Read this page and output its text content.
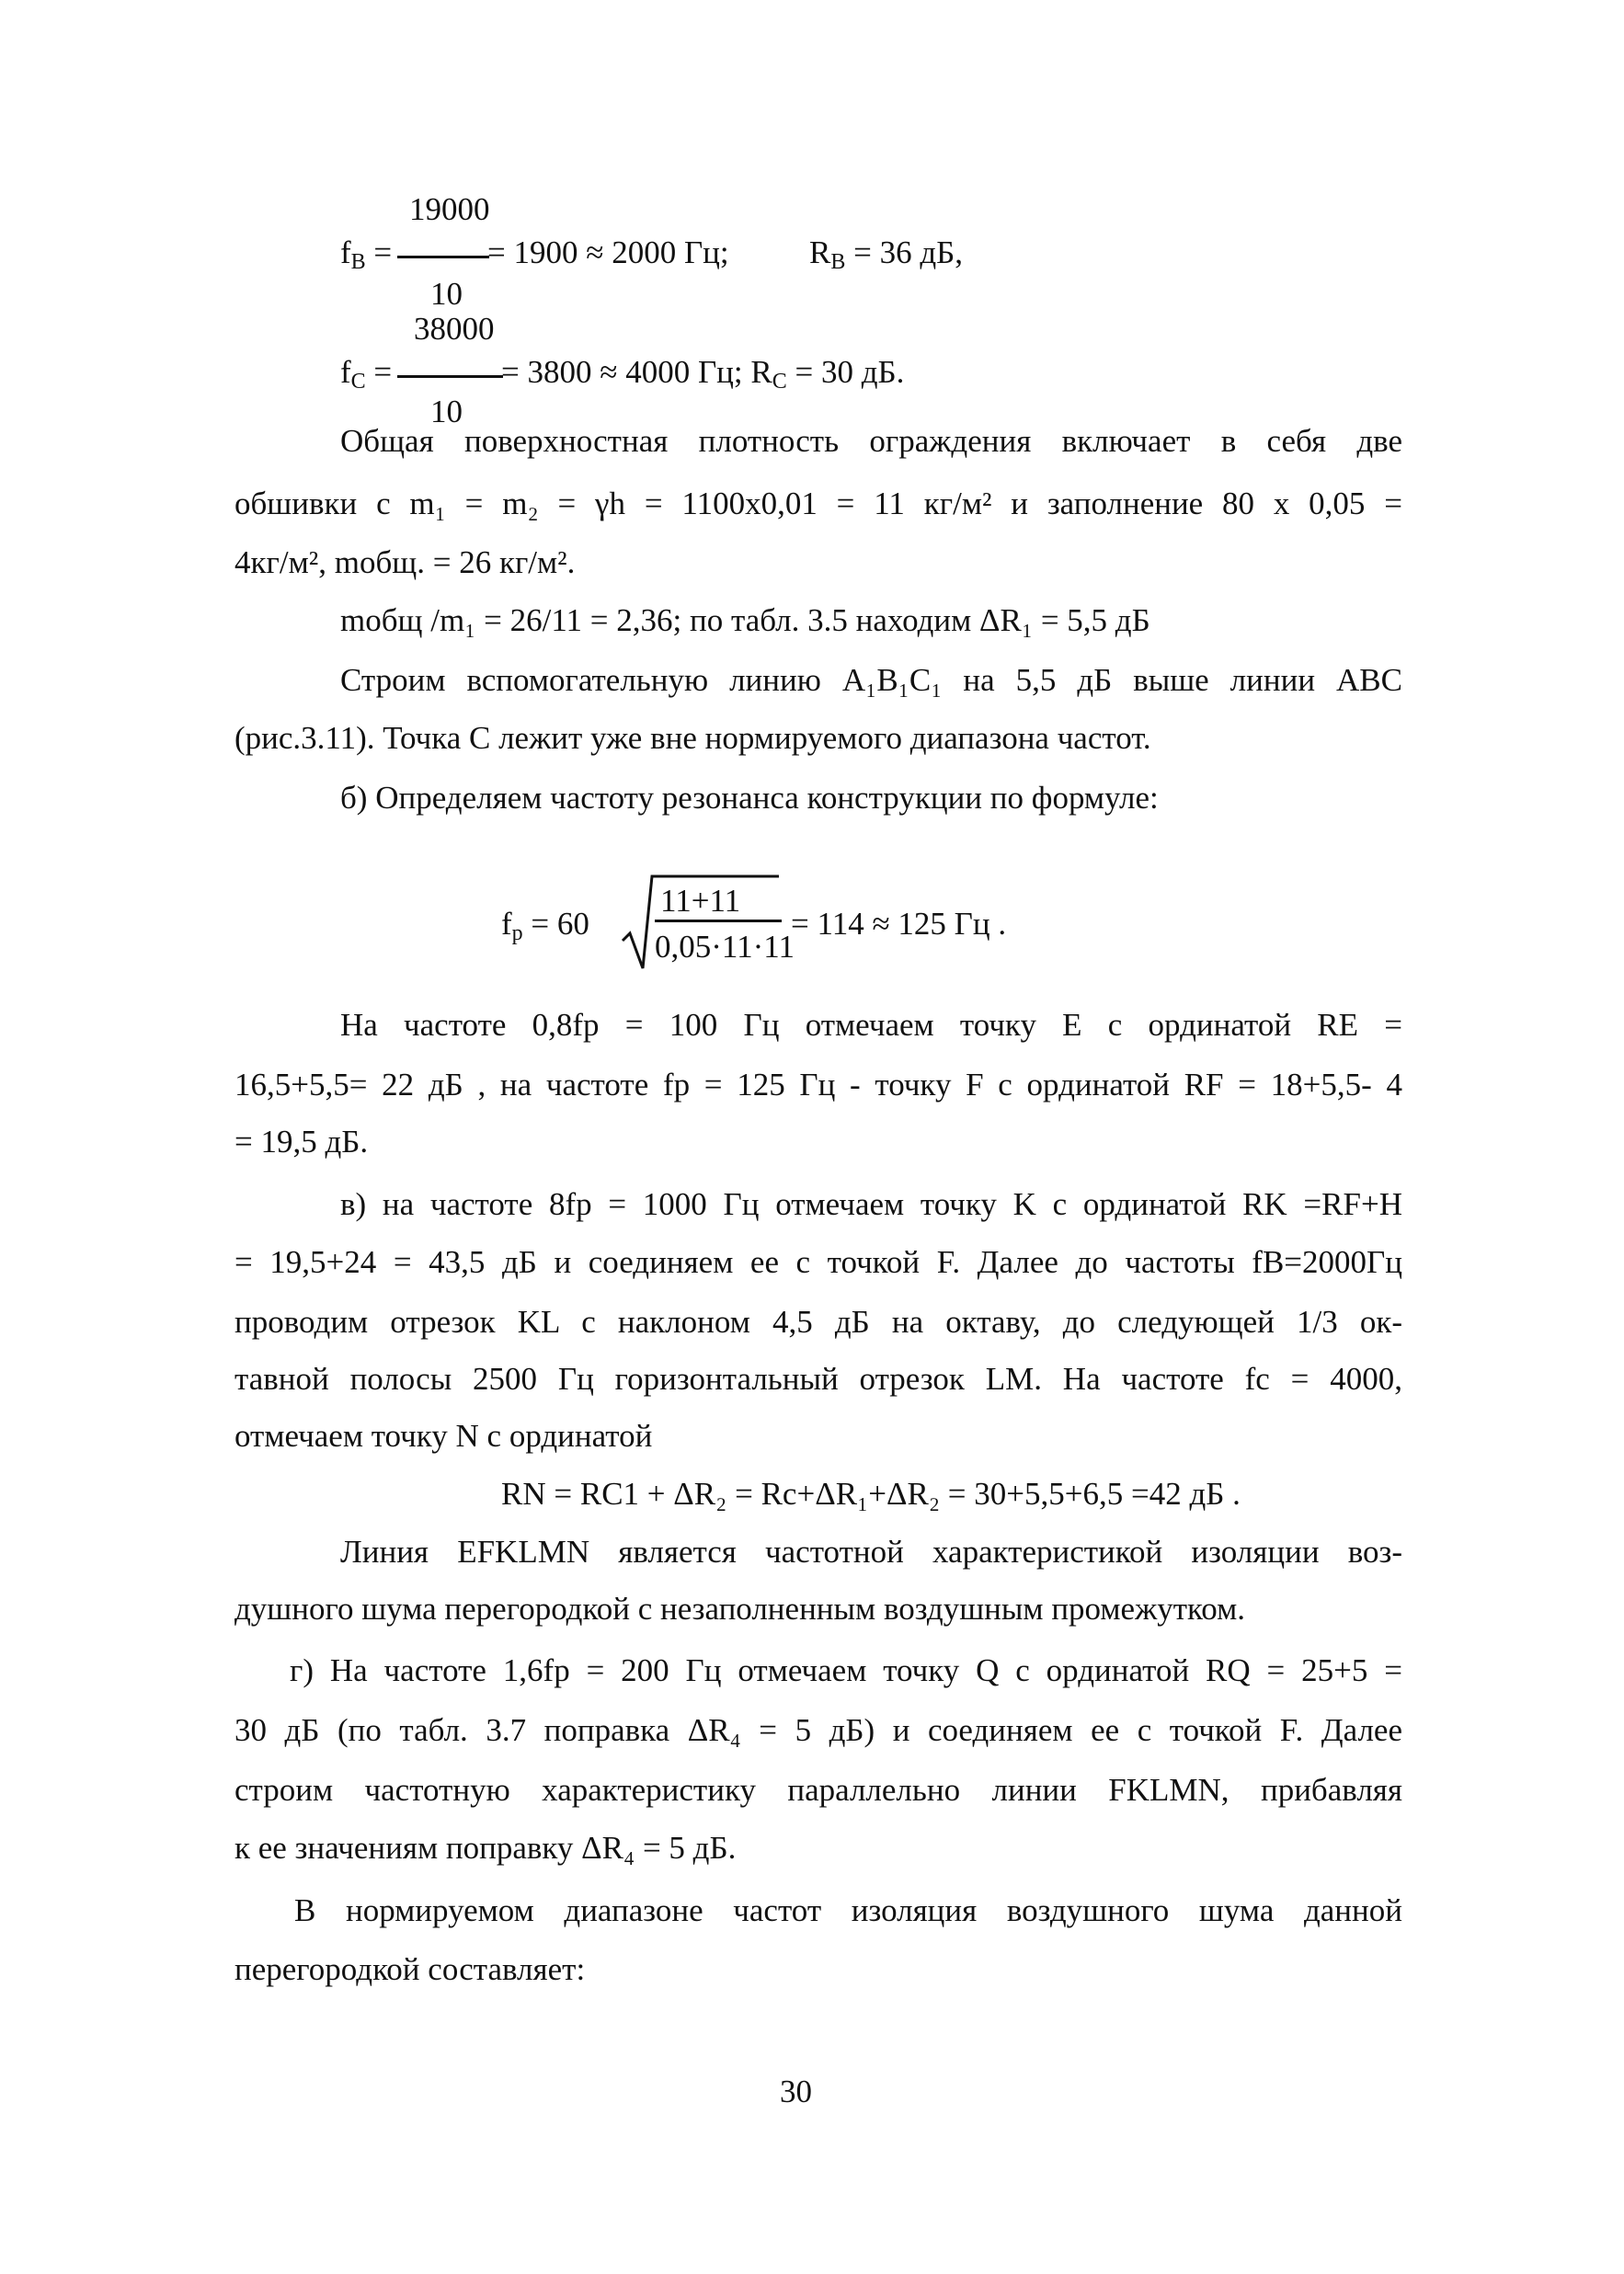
19000
$f_В$ =	= 1900 ≈ 2000 Гц; $R_В = 36$ дБ,
10
38000
$f_C$ =	= 3800 ≈ 4000 Гц; $R_C = 30$ дБ.
10
Общая поверхностная плотность ограждения включает в себя две
обшивки с m₁ = m₂ = γh = 1100х0,01 = 11 кг/м² и заполнение 80 х 0,05 =
4кг/м², mобщ. = 26 кг/м².
mобщ /m₁ = 26/11 = 2,36; по табл. 3.5 находим ΔR₁ = 5,5 дБ
Строим вспомогательную линию A₁B₁C₁ на 5,5 дБ выше линии ABC
(рис.3.11). Точка C лежит уже вне нормируемого диапазона частот.
б) Определяем частоту резонанса конструкции по формуле:
$f_р = 60$
11+11
0,05·11·11
= 114 ≈ 125 Гц .
На частоте 0,8fр = 100 Гц отмечаем точку E с ординатой RE =
16,5+5,5= 22 дБ , на частоте fр = 125 Гц - точку F с ординатой RF = 18+5,5- 4
= 19,5 дБ.
в) на частоте 8fр = 1000 Гц отмечаем точку K с ординатой RK =RF+H
= 19,5+24 = 43,5 дБ и соединяем ее с точкой F. Далее до частоты fB=2000Гц
проводим отрезок KL с наклоном 4,5 дБ на октаву, до следующей 1/3 ок-
тавной полосы 2500 Гц горизонтальный отрезок LM. На частоте fc = 4000,
отмечаем точку N с ординатой
RN = RC1 + ΔR₂ = Rc+ΔR₁+ΔR₂ = 30+5,5+6,5 =42 дБ .
Линия EFKLMN является частотной характеристикой изоляции воз-
душного шума перегородкой с незаполненным воздушным промежутком.
г) На частоте 1,6fр = 200 Гц отмечаем точку Q с ординатой RQ = 25+5 =
30 дБ (по табл. 3.7 поправка ΔR₄ = 5 дБ) и соединяем ее с точкой F. Далее
строим частотную характеристику параллельно линии FKLMN, прибавляя
к ее значениям поправку ΔR₄ = 5 дБ.
В нормируемом диапазоне частот изоляция воздушного шума данной
перегородкой составляет:
30
